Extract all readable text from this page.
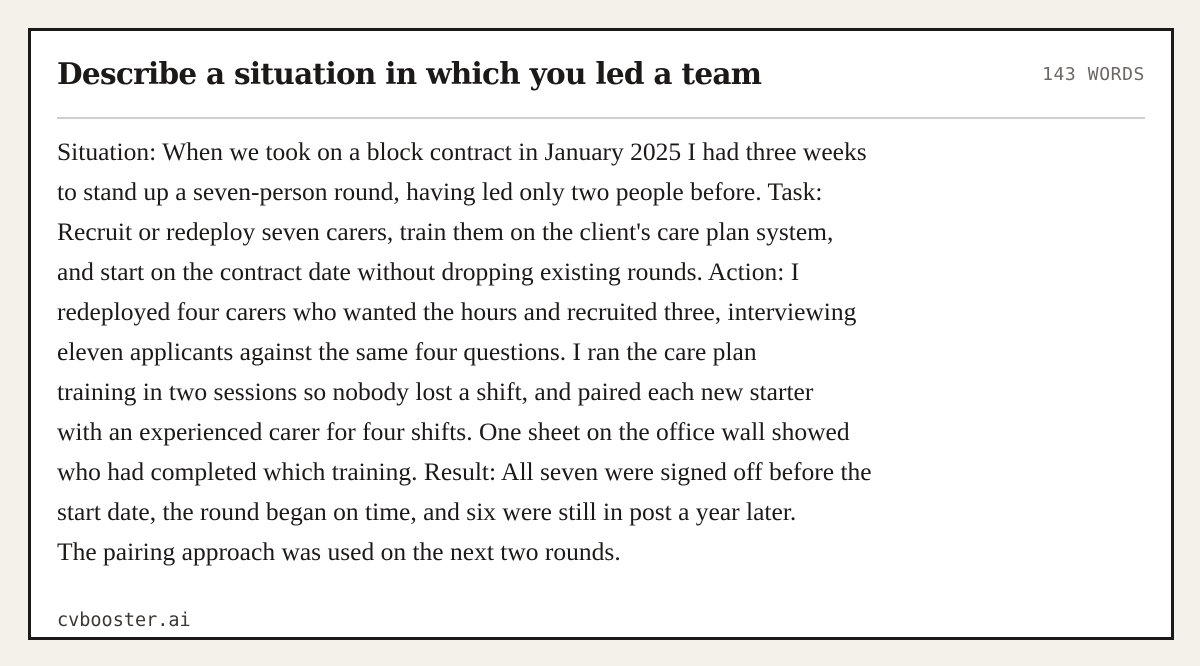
Describe a situation in which you led a team	143 WORDS
Situation: When we took on a block contract in January 2025 I had three weeks
to stand up a seven-person round, having led only two people before. Task:
Recruit or redeploy seven carers, train them on the client's care plan system,
and start on the contract date without dropping existing rounds. Action: I
redeployed four carers who wanted the hours and recruited three, interviewing
eleven applicants against the same four questions. I ran the care plan
training in two sessions so nobody lost a shift, and paired each new starter
with an experienced carer for four shifts. One sheet on the office wall showed
who had completed which training. Result: All seven were signed off before the
start date, the round began on time, and six were still in post a year later.
The pairing approach was used on the next two rounds.
cvbooster.ai
